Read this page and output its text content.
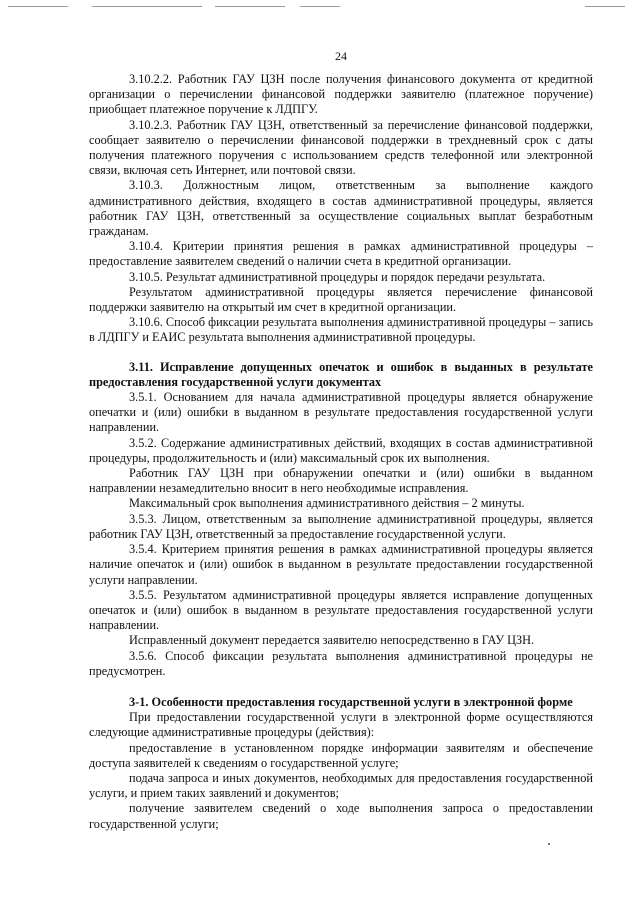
24

3.10.2.2. Работник ГАУ ЦЗН после получения финансового документа от кредитной организации о перечислении финансовой поддержки заявителю (платежное поручение) приобщает платежное поручение к ЛДПГУ.

3.10.2.3. Работник ГАУ ЦЗН, ответственный за перечисление финансовой поддержки, сообщает заявителю о перечислении финансовой поддержки в трехдневный срок с даты получения платежного поручения с использованием средств телефонной или электронной связи, включая сеть Интернет, или почтовой связи.

3.10.3. Должностным лицом, ответственным за выполнение каждого административного действия, входящего в состав административной процедуры, является работник ГАУ ЦЗН, ответственный за осуществление социальных выплат безработным гражданам.

3.10.4. Критерии принятия решения в рамках административной процедуры – предоставление заявителем сведений о наличии счета в кредитной организации.

3.10.5. Результат административной процедуры и порядок передачи результата.

Результатом административной процедуры является перечисление финансовой поддержки заявителю на открытый им счет в кредитной организации.

3.10.6. Способ фиксации результата выполнения административной процедуры – запись в ЛДПГУ и ЕАИС результата выполнения административной процедуры.

3.11. Исправление допущенных опечаток и ошибок в выданных в результате предоставления государственной услуги документах

3.5.1. Основанием для начала административной процедуры является обнаружение опечатки и (или) ошибки в выданном в результате предоставления государственной услуги направлении.

3.5.2. Содержание административных действий, входящих в состав административной процедуры, продолжительность и (или) максимальный срок их выполнения.

Работник ГАУ ЦЗН при обнаружении опечатки и (или) ошибки в выданном направлении незамедлительно вносит в него необходимые исправления.

Максимальный срок выполнения административного действия – 2 минуты.

3.5.3. Лицом, ответственным за выполнение административной процедуры, является работник ГАУ ЦЗН, ответственный за предоставление государственной услуги.

3.5.4. Критерием принятия решения в рамках административной процедуры является наличие опечаток и (или) ошибок в выданном в результате предоставлении государственной услуги направлении.

3.5.5. Результатом административной процедуры является исправление допущенных опечаток и (или) ошибок в выданном в результате предоставления государственной услуги направлении.

Исправленный документ передается заявителю непосредственно в ГАУ ЦЗН.

3.5.6. Способ фиксации результата выполнения административной процедуры не предусмотрен.

3-1. Особенности предоставления государственной услуги в электронной форме

При предоставлении государственной услуги в электронной форме осуществляются следующие административные процедуры (действия):

предоставление в установленном порядке информации заявителям и обеспечение доступа заявителей к сведениям о государственной услуге;

подача запроса и иных документов, необходимых для предоставления государственной услуги, и прием таких заявлений и документов;

получение заявителем сведений о ходе выполнения запроса о предоставлении государственной услуги;
